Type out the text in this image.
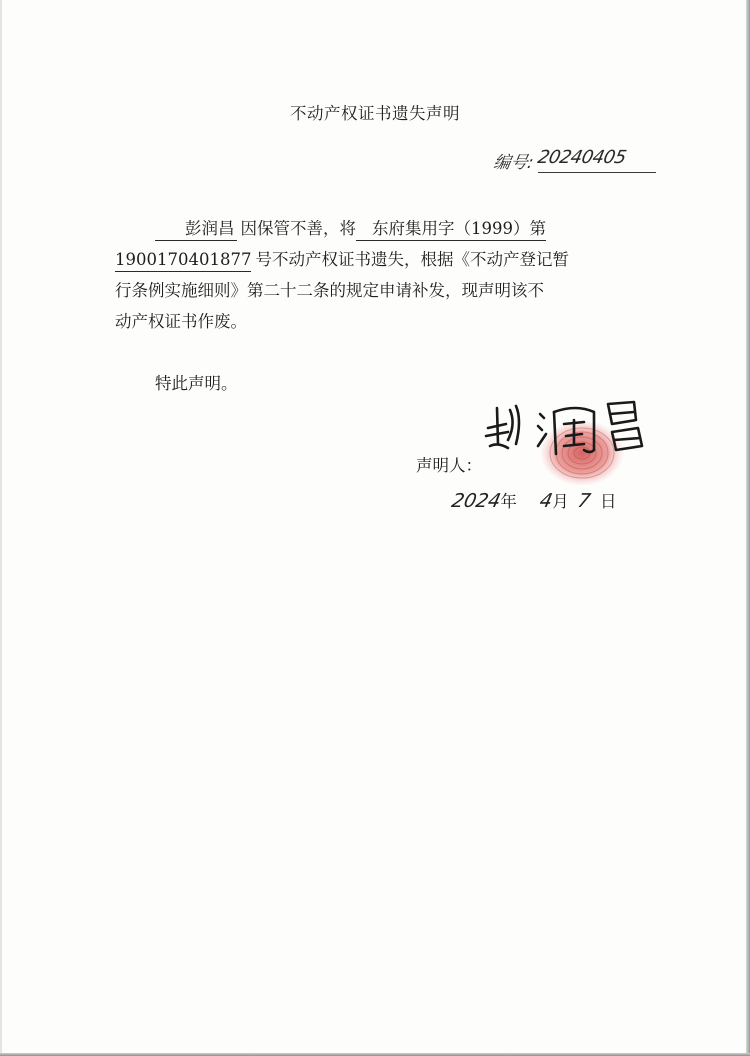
不动产权证书遗失声明
编号: 20240405
彭润昌 因保管不善，将 东府集用字（1999）第
1900170401877 号不动产权证书遗失，根据《不动产登记暂
行条例实施细则》第二十二条的规定申请补发，现声明该不
动产权证书作废。
特此声明。
声明人：
2024年 4月 7 日
